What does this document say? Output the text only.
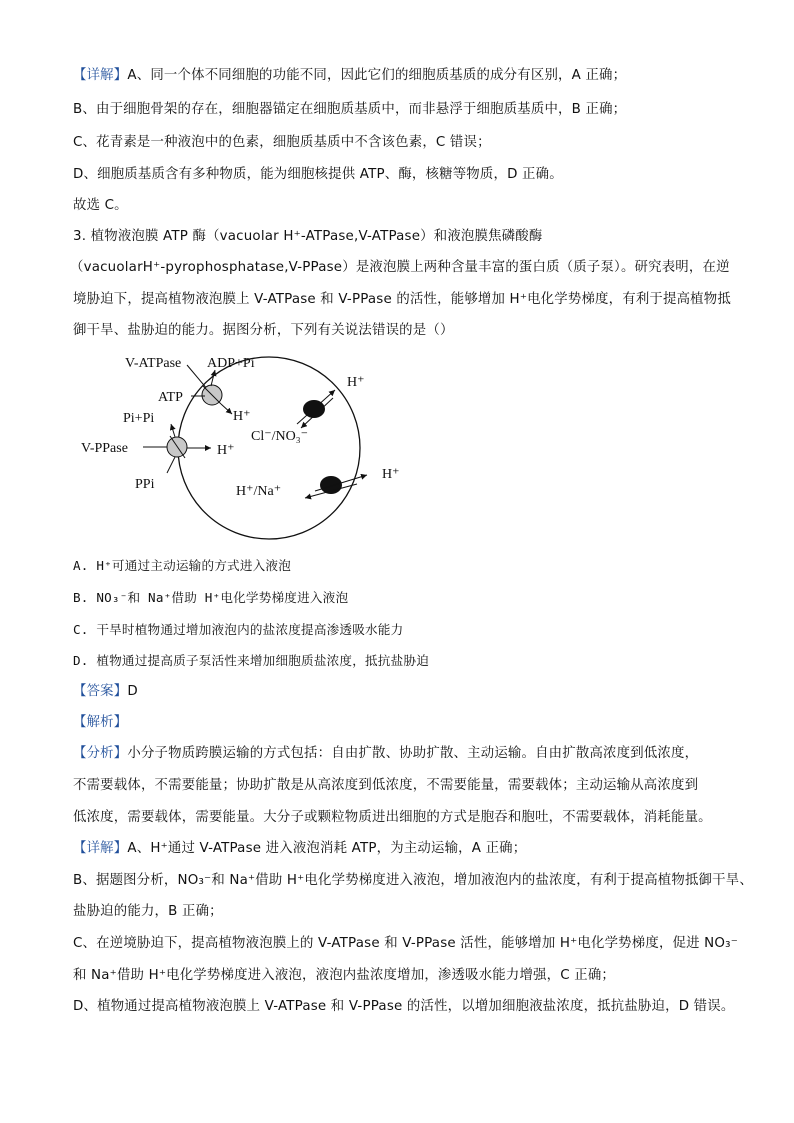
【详解】A、同一个体不同细胞的功能不同，因此它们的细胞质基质的成分有区别，A 正确；
B、由于细胞骨架的存在，细胞器锚定在细胞质基质中，而非悬浮于细胞质基质中，B 正确；
C、花青素是一种液泡中的色素，细胞质基质中不含该色素，C 错误；
D、细胞质基质含有多种物质，能为细胞核提供 ATP、酶，核糖等物质，D 正确。
故选 C。
3. 植物液泡膜 ATP 酶（vacuolar H⁺-ATPase,V-ATPase）和液泡膜焦磷酸酶
（vacuolarH⁺-pyrophosphatase,V-PPase）是液泡膜上两种含量丰富的蛋白质（质子泵）。研究表明，在逆
境胁迫下，提高植物液泡膜上 V-ATPase 和 V-PPase 的活性，能够增加 H⁺电化学势梯度，有利于提高植物抵
御干旱、盐胁迫的能力。据图分析，下列有关说法错误的是（）
V-ATPase ADP+Pi
ATP
H⁺
Pi+Pi
V-PPase	H⁺
PPi
H⁺
Cl⁻/NO₃⁻
H⁺
H⁺/Na⁺
A. H⁺可通过主动运输的方式进入液泡
B. NO₃⁻和 Na⁺借助 H⁺电化学势梯度进入液泡
C. 干旱时植物通过增加液泡内的盐浓度提高渗透吸水能力
D. 植物通过提高质子泵活性来增加细胞质盐浓度，抵抗盐胁迫
【答案】D
【解析】
【分析】小分子物质跨膜运输的方式包括：自由扩散、协助扩散、主动运输。自由扩散高浓度到低浓度，
不需要载体，不需要能量；协助扩散是从高浓度到低浓度，不需要能量，需要载体；主动运输从高浓度到
低浓度，需要载体，需要能量。大分子或颗粒物质进出细胞的方式是胞吞和胞吐，不需要载体，消耗能量。
【详解】A、H⁺通过 V-ATPase 进入液泡消耗 ATP，为主动运输，A 正确；
B、据题图分析，NO₃⁻和 Na⁺借助 H⁺电化学势梯度进入液泡，增加液泡内的盐浓度，有利于提高植物抵御干旱、
盐胁迫的能力，B 正确；
C、在逆境胁迫下，提高植物液泡膜上的 V-ATPase 和 V-PPase 活性，能够增加 H⁺电化学势梯度，促进 NO₃⁻
和 Na⁺借助 H⁺电化学势梯度进入液泡，液泡内盐浓度增加，渗透吸水能力增强，C 正确；
D、植物通过提高植物液泡膜上 V-ATPase 和 V-PPase 的活性，以增加细胞液盐浓度，抵抗盐胁迫，D 错误。
